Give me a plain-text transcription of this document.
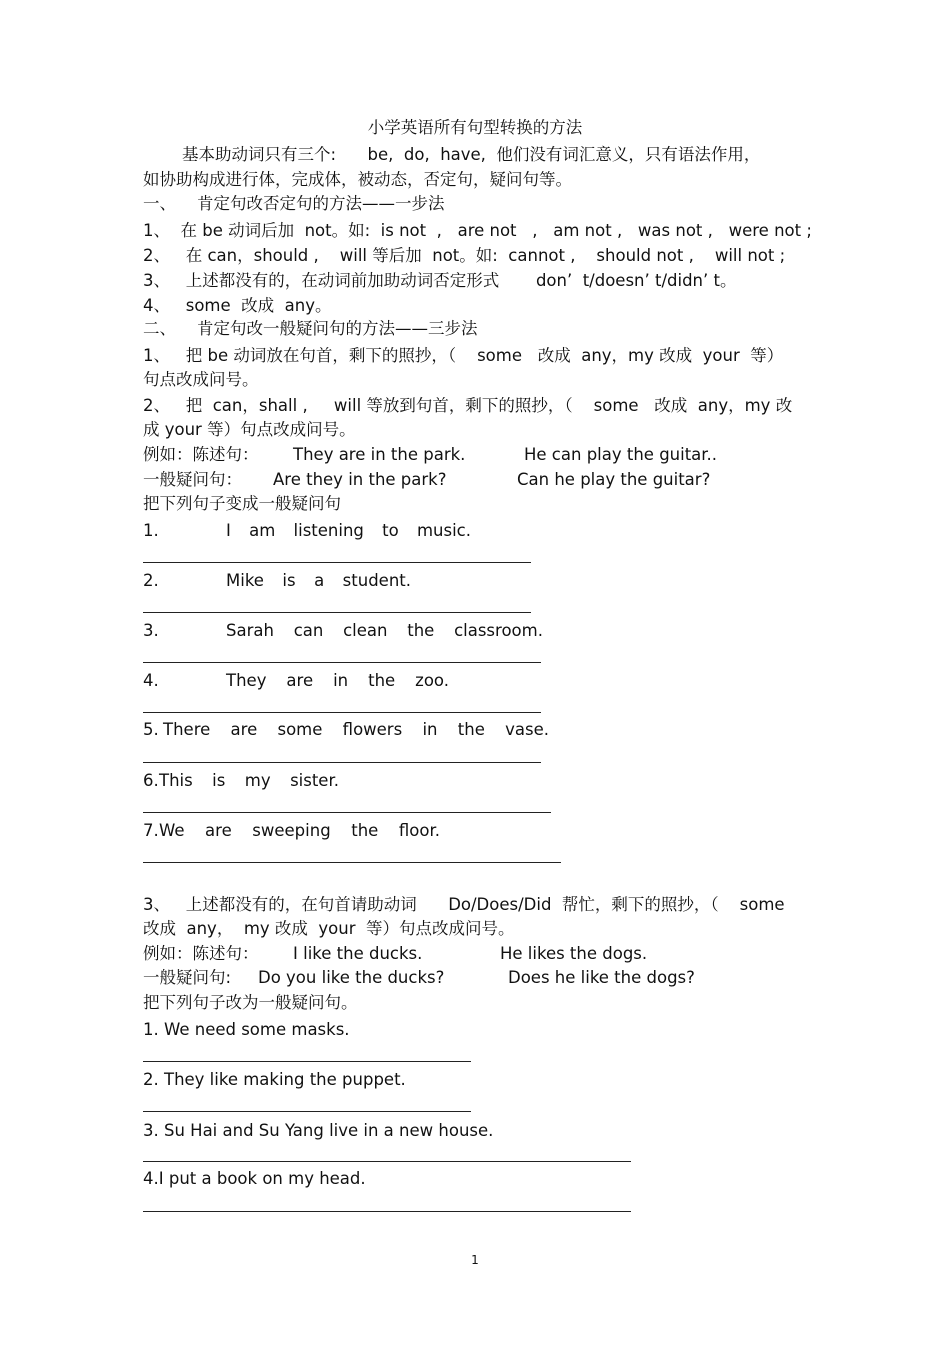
小学英语所有句型转换的方法
基本助动词只有三个:      be,  do,  have,  他们没有词汇意义，只有语法作用，
如协助构成进行体，完成体，被动态，否定句，疑问句等。
一、    肯定句改否定句的方法——一步法
1、  在 be 动词后加  not。如:  is not  ,   are not   ,   am not ,   was not ,   were not ;
2、   在 can，should ,    will 等后加  not。如:  cannot ,    should not ,    will not ;
3、   上述都没有的，在动词前加助动词否定形式       don’  t/doesn’ t/didn’ t。
4、   some  改成  any。
二、    肯定句改一般疑问句的方法——三步法
1、   把 be 动词放在句首，剩下的照抄，（    some   改成  any，my 改成  your  等）
句点改成问号。
2、   把  can，shall ,     will 等放到句首，剩下的照抄，（    some   改成  any，my 改
成 your 等）句点改成问号。
例如：陈述句： They are in the park.	He can play the guitar..
一般疑问句： Are they in the park?	Can he play the guitar?
把下列句子变成一般疑问句
1.	I am listening to music.
2.	Mike is a student.
3.	Sarah can clean the classroom.
4.	They are in the zoo.
5. There are some flowers in the vase.
6. This is my sister.
7. We are sweeping the floor.
3、   上述都没有的，在句首请助动词      Do/Does/Did  帮忙，剩下的照抄，（    some
改成  any，  my 改成  your  等）句点改成问号。
例如：陈述句： I like the ducks.	He likes the dogs.
一般疑问句: Do you like the ducks?	Does he like the dogs?
把下列句子改为一般疑问句。
1. We need some masks.
2. They like making the puppet.
3. Su Hai and Su Yang live in a new house.
4.I put a book on my head.
1
